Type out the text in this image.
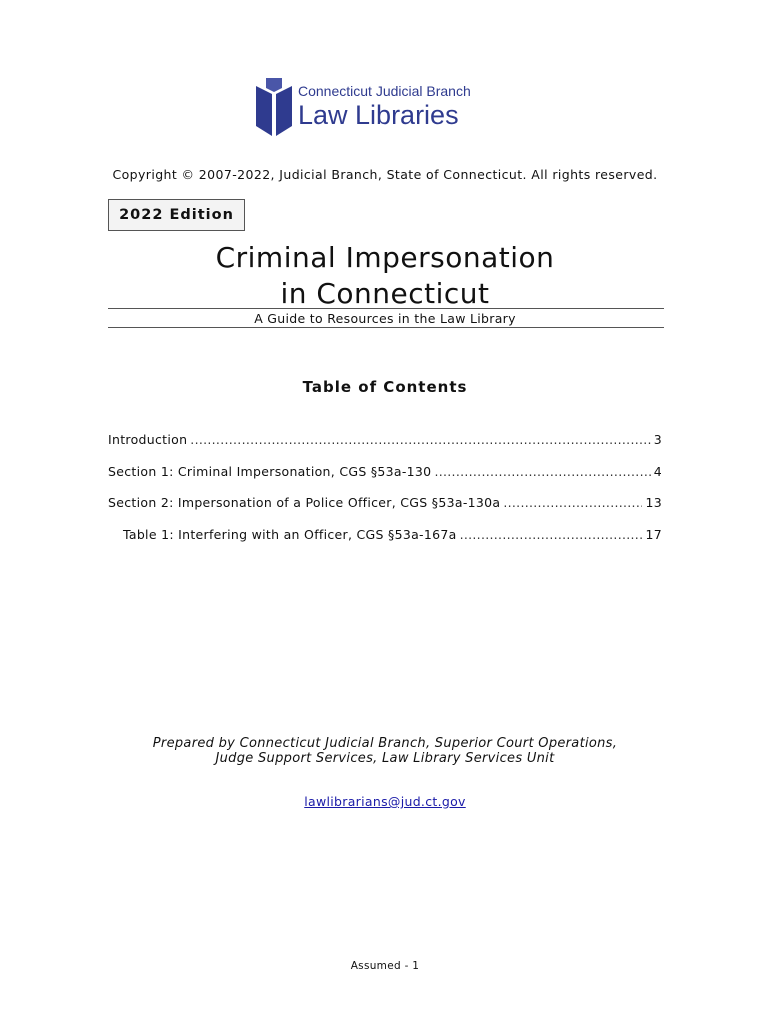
Connecticut Judicial Branch
Law Libraries
Copyright © 2007-2022, Judicial Branch, State of Connecticut. All rights reserved.
2022 Edition
Criminal Impersonation
in Connecticut
A Guide to Resources in the Law Library
Table of Contents
Introduction .....	3
Section 1: Criminal Impersonation, CGS §53a-130 .....	4
Section 2: Impersonation of a Police Officer, CGS §53a-130a .....	13
Table 1: Interfering with an Officer, CGS §53a-167a .....	17
Prepared by Connecticut Judicial Branch, Superior Court Operations,
Judge Support Services, Law Library Services Unit
lawlibrarians@jud.ct.gov
Assumed - 1
